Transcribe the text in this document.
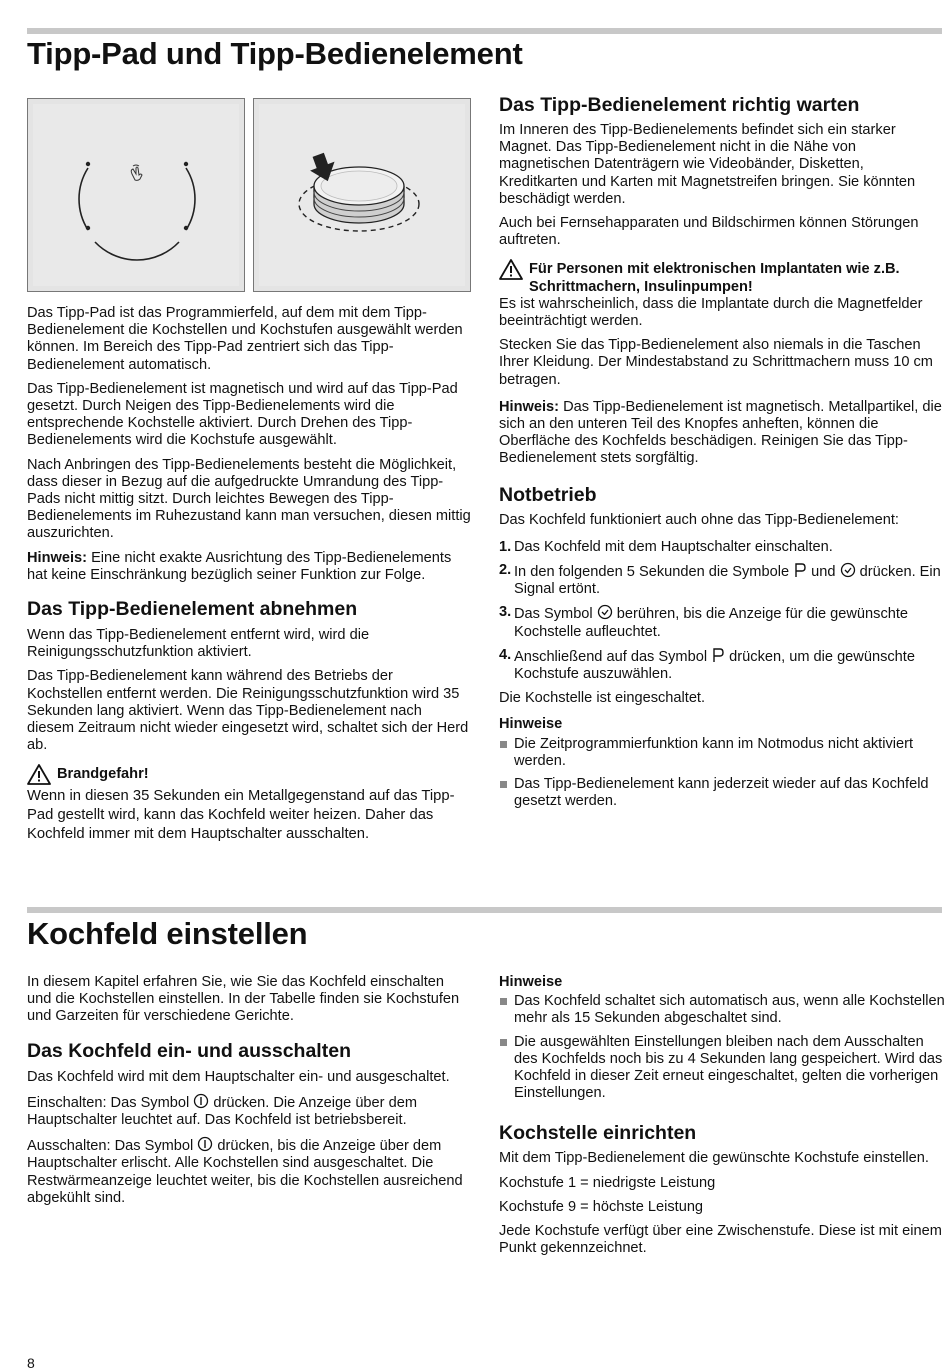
Tipp-Pad und Tipp-Bedienelement

Das Tipp-Pad ist das Programmierfeld, auf dem mit dem Tipp-Bedienelement die Kochstellen und Kochstufen ausgewählt werden können. Im Bereich des Tipp-Pad zentriert sich das Tipp-Bedienelement automatisch.

Das Tipp-Bedienelement ist magnetisch und wird auf das Tipp-Pad gesetzt. Durch Neigen des Tipp-Bedienelements wird die entsprechende Kochstelle aktiviert. Durch Drehen des Tipp-Bedienelements wird die Kochstufe ausgewählt.

Nach Anbringen des Tipp-Bedienelements besteht die Möglichkeit, dass dieser in Bezug auf die aufgedruckte Umrandung des Tipp-Pads nicht mittig sitzt. Durch leichtes Bewegen des Tipp-Bedienelements im Ruhezustand kann man versuchen, diesen mittig auszurichten.

Hinweis: Eine nicht exakte Ausrichtung des Tipp-Bedienelements hat keine Einschränkung bezüglich seiner Funktion zur Folge.

Das Tipp-Bedienelement abnehmen

Wenn das Tipp-Bedienelement entfernt wird, wird die Reinigungsschutzfunktion aktiviert.

Das Tipp-Bedienelement kann während des Betriebs der Kochstellen entfernt werden. Die Reinigungsschutzfunktion wird 35 Sekunden lang aktiviert. Wenn das Tipp-Bedienelement nach diesem Zeitraum nicht wieder eingesetzt wird, schaltet sich der Herd ab.

Brandgefahr!

Wenn in diesen 35 Sekunden ein Metallgegenstand auf das Tipp-Pad gestellt wird, kann das Kochfeld weiter heizen. Daher das Kochfeld immer mit dem Hauptschalter ausschalten.

Das Tipp-Bedienelement richtig warten

Im Inneren des Tipp-Bedienelements befindet sich ein starker Magnet. Das Tipp-Bedienelement nicht in die Nähe von magnetischen Datenträgern wie Videobänder, Disketten, Kreditkarten und Karten mit Magnetstreifen bringen. Sie könnten beschädigt werden.

Auch bei Fernsehapparaten und Bildschirmen können Störungen auftreten.

Für Personen mit elektronischen Implantaten wie z.B. Schrittmachern, Insulinpumpen!

Es ist wahrscheinlich, dass die Implantate durch die Magnetfelder beeinträchtigt werden.

Stecken Sie das Tipp-Bedienelement also niemals in die Taschen Ihrer Kleidung. Der Mindestabstand zu Schrittmachern muss 10 cm betragen.

Hinweis: Das Tipp-Bedienelement ist magnetisch. Metallpartikel, die sich an den unteren Teil des Knopfes anheften, können die Oberfläche des Kochfelds beschädigen. Reinigen Sie das Tipp-Bedienelement stets sorgfältig.

Notbetrieb

Das Kochfeld funktioniert auch ohne das Tipp-Bedienelement:

1. Das Kochfeld mit dem Hauptschalter einschalten.
2. In den folgenden 5 Sekunden die Symbole  und  drücken. Ein Signal ertönt.
3. Das Symbol  berühren, bis die Anzeige für die gewünschte Kochstelle aufleuchtet.
4. Anschließend auf das Symbol  drücken, um die gewünschte Kochstufe auszuwählen.

Die Kochstelle ist eingeschaltet.

Hinweise
Die Zeitprogrammierfunktion kann im Notmodus nicht aktiviert werden.
Das Tipp-Bedienelement kann jederzeit wieder auf das Kochfeld gesetzt werden.
Kochfeld einstellen

In diesem Kapitel erfahren Sie, wie Sie das Kochfeld einschalten und die Kochstellen einstellen. In der Tabelle finden sie Kochstufen und Garzeiten für verschiedene Gerichte.

Das Kochfeld ein- und ausschalten

Das Kochfeld wird mit dem Hauptschalter ein- und ausgeschaltet.

Einschalten: Das Symbol  drücken. Die Anzeige über dem Hauptschalter leuchtet auf. Das Kochfeld ist betriebsbereit.

Ausschalten: Das Symbol  drücken, bis die Anzeige über dem Hauptschalter erlischt. Alle Kochstellen sind ausgeschaltet. Die Restwärmeanzeige leuchtet weiter, bis die Kochstellen ausreichend abgekühlt sind.

Hinweise
Das Kochfeld schaltet sich automatisch aus, wenn alle Kochstellen mehr als 15 Sekunden abgeschaltet sind.
Die ausgewählten Einstellungen bleiben nach dem Ausschalten des Kochfelds noch bis zu 4 Sekunden lang gespeichert. Wird das Kochfeld in dieser Zeit erneut eingeschaltet, gelten die vorherigen Einstellungen.
Kochstelle einrichten

Mit dem Tipp-Bedienelement die gewünschte Kochstufe einstellen.

Kochstufe 1 = niedrigste Leistung

Kochstufe 9 = höchste Leistung

Jede Kochstufe verfügt über eine Zwischenstufe. Diese ist mit einem Punkt gekennzeichnet.

8
